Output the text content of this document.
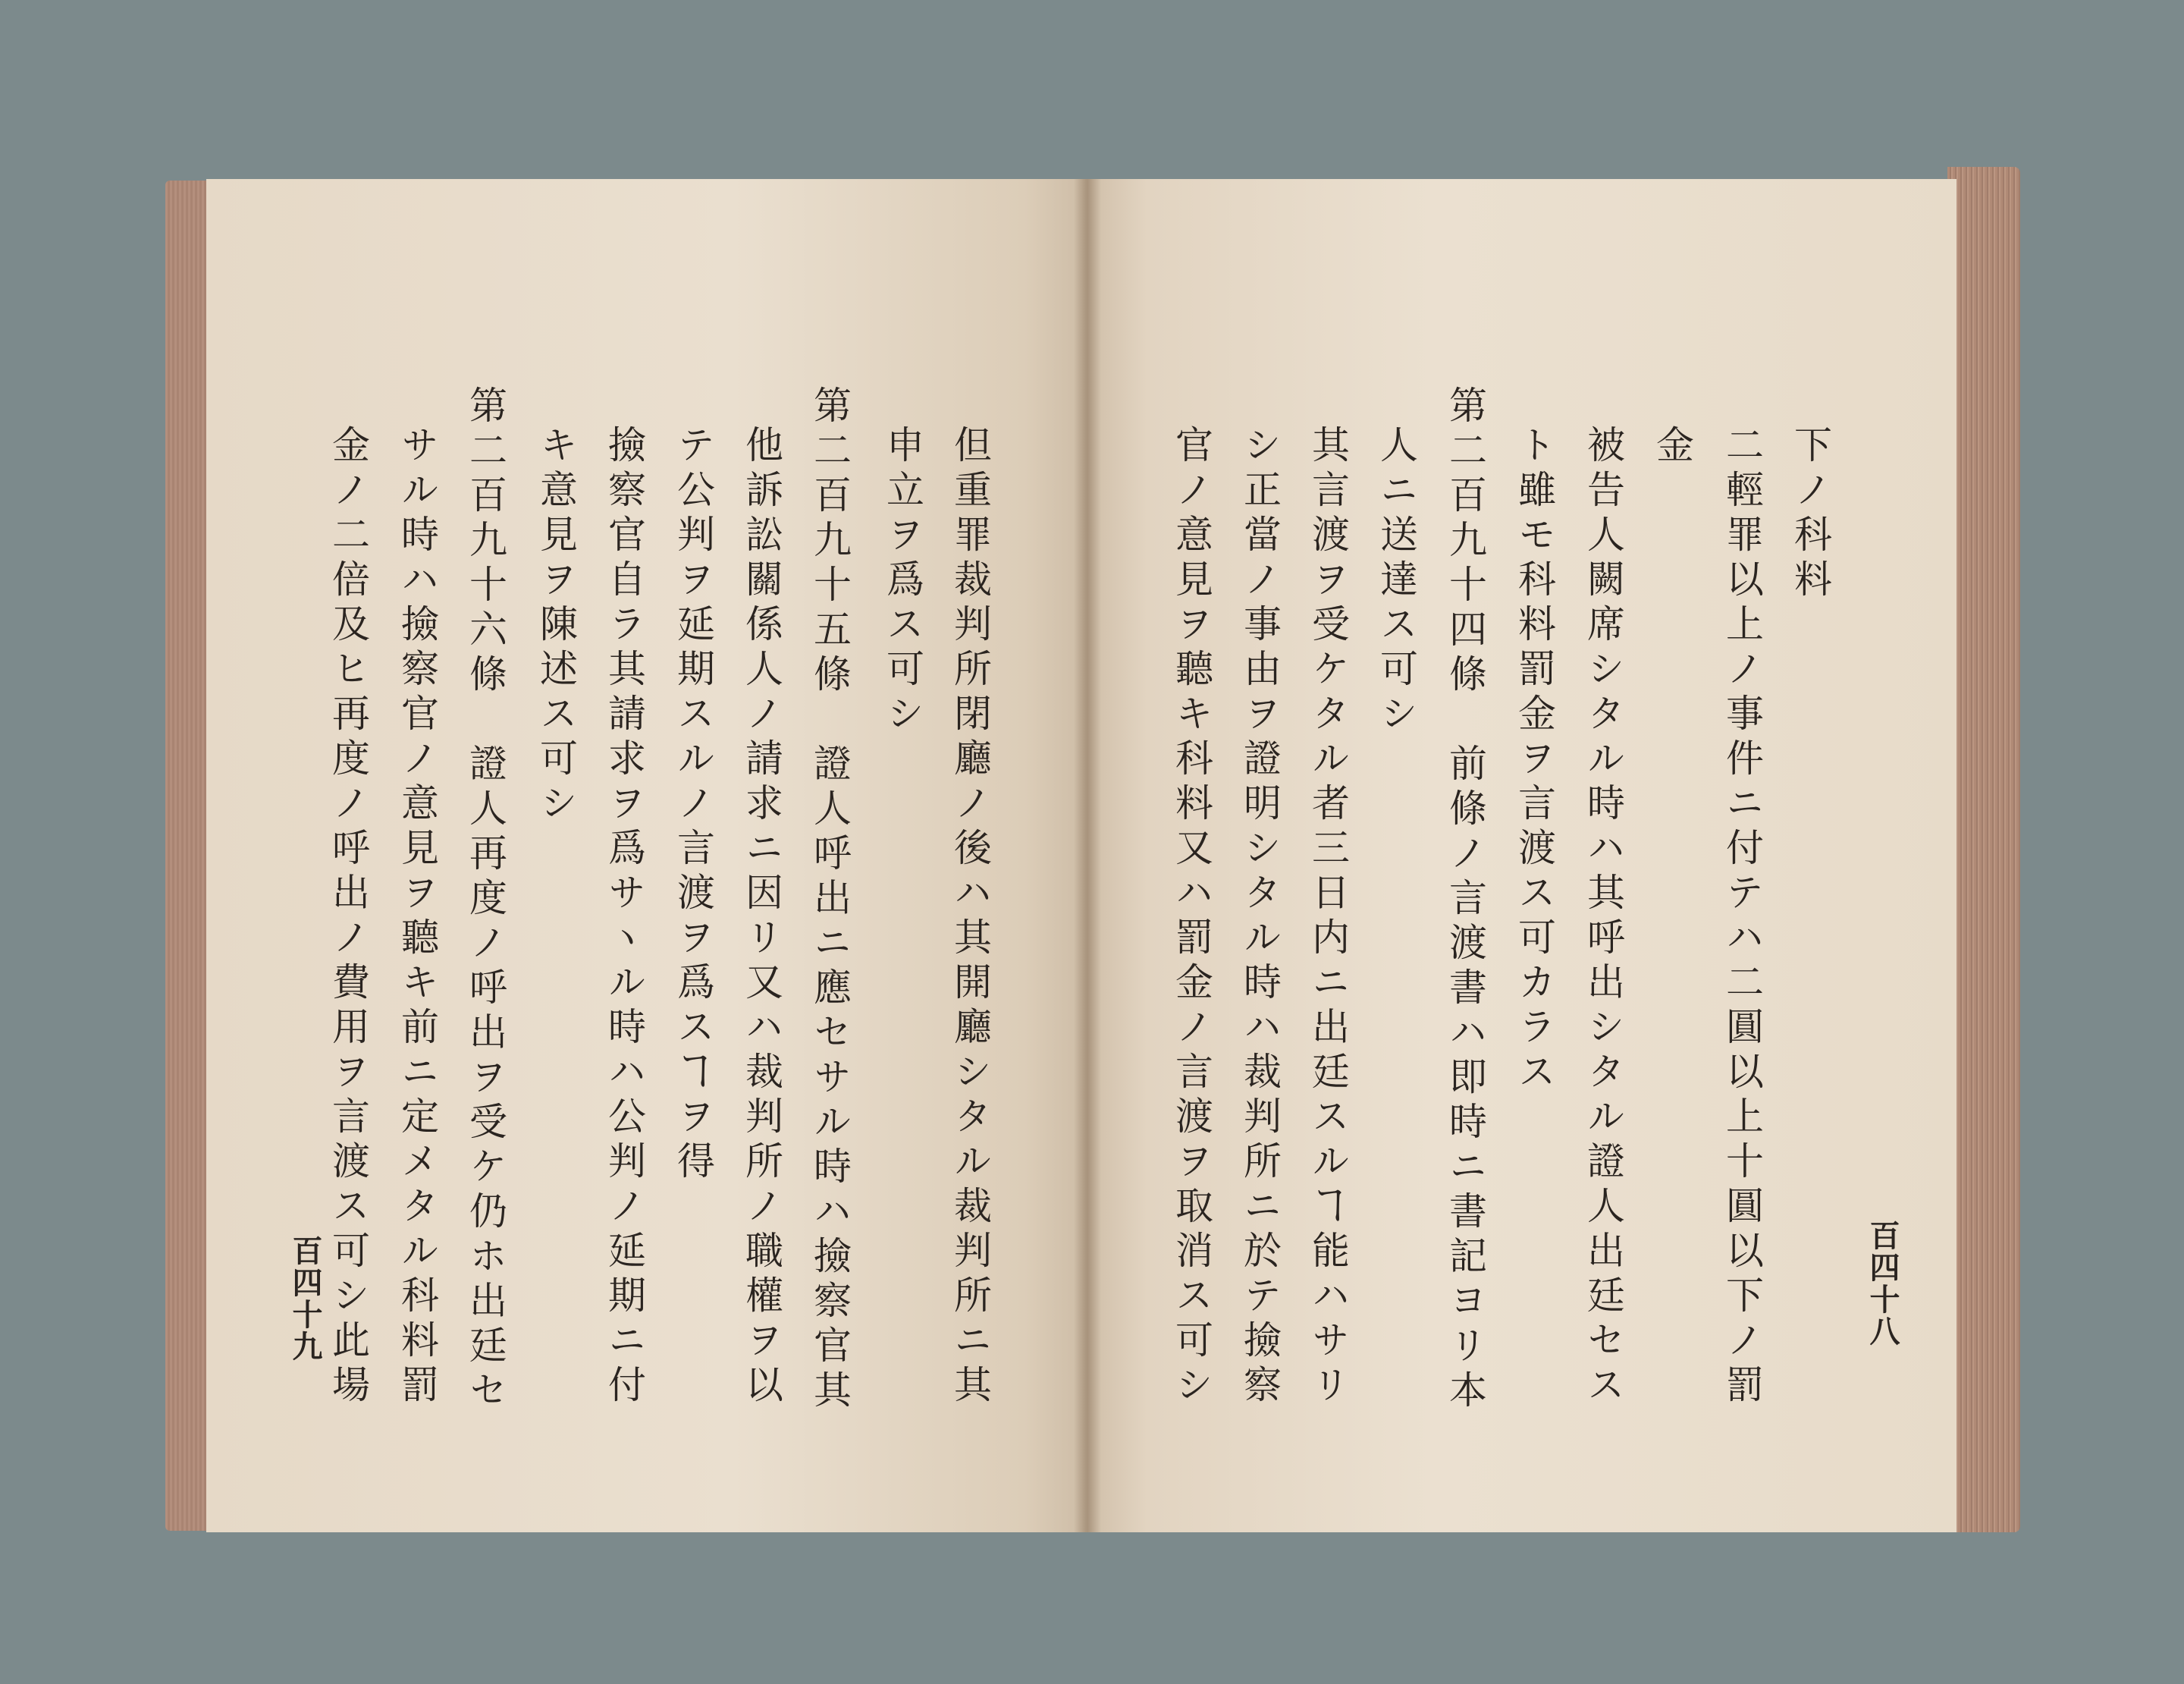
但重罪裁判所閉廳ノ後ハ其開廳シタル裁判所ニ其
申立ヲ爲ス可シ
第二百九十五條　證人呼出ニ應セサル時ハ撿察官其
他訴訟關係人ノ請求ニ因リ又ハ裁判所ノ職權ヲ以
テ公判ヲ延期スルノ言渡ヲ爲スヿヲ得
撿察官自ラ其請求ヲ爲サヽル時ハ公判ノ延期ニ付
キ意見ヲ陳述ス可シ
第二百九十六條　證人再度ノ呼出ヲ受ケ仍ホ出廷セ
サル時ハ撿察官ノ意見ヲ聽キ前ニ定メタル科料罰
金ノ二倍及ヒ再度ノ呼出ノ費用ヲ言渡ス可シ此場
百四十九
下ノ科料
二輕罪以上ノ事件ニ付テハ二圓以上十圓以下ノ罰
金
被告人闕席シタル時ハ其呼出シタル證人出廷セス
ト雖モ科料罰金ヲ言渡ス可カラス
第二百九十四條　前條ノ言渡書ハ即時ニ書記ヨリ本
人ニ送達ス可シ
其言渡ヲ受ケタル者三日内ニ出廷スルヿ能ハサリ
シ正當ノ事由ヲ證明シタル時ハ裁判所ニ於テ撿察
官ノ意見ヲ聽キ科料又ハ罰金ノ言渡ヲ取消ス可シ	百四十八
